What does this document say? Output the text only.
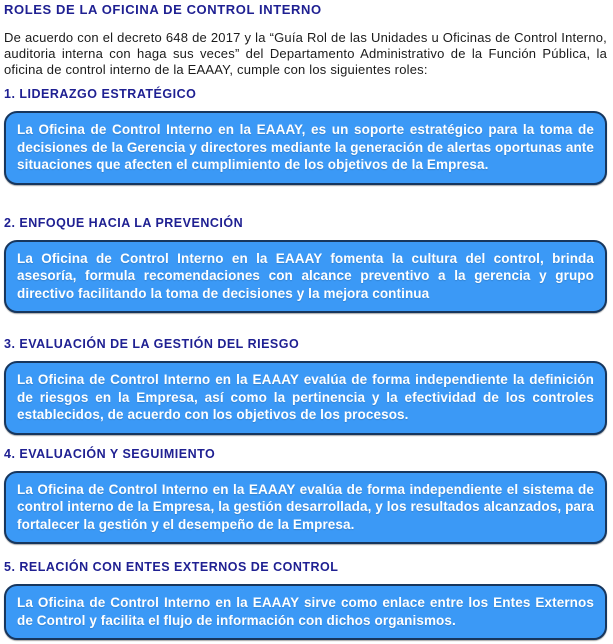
ROLES DE LA OFICINA DE CONTROL INTERNO

De acuerdo con el decreto 648 de 2017 y la “Guía Rol de las Unidades u Oficinas de Control Interno, auditoria interna con haga sus veces” del Departamento Administrativo de la Función Pública, la oficina de control interno de la EAAAY, cumple con los siguientes roles:

1. LIDERAZGO ESTRATÉGICO

La Oficina de Control Interno en la EAAAY, es un soporte estratégico para la toma de decisiones de la Gerencia y directores mediante la generación de alertas oportunas ante situaciones que afecten el cumplimiento de los objetivos de la Empresa.

2. ENFOQUE HACIA LA PREVENCIÓN

La Oficina de Control Interno en la EAAAY fomenta la cultura del control, brinda asesoría, formula recomendaciones con alcance preventivo a la gerencia y grupo directivo facilitando la toma de decisiones y la mejora continua

3. EVALUACIÓN DE LA GESTIÓN DEL RIESGO

La Oficina de Control Interno en la EAAAY evalúa de forma independiente la definición de riesgos en la Empresa, así como la pertinencia y la efectividad de los controles establecidos, de acuerdo con los objetivos de los procesos.

4. EVALUACIÓN Y SEGUIMIENTO

La Oficina de Control Interno en la EAAAY evalúa de forma independiente el sistema de control interno de la Empresa, la gestión desarrollada, y los resultados alcanzados, para fortalecer la gestión y el desempeño de la Empresa.

5. RELACIÓN CON ENTES EXTERNOS DE CONTROL

La Oficina de Control Interno en la EAAAY sirve como enlace entre los Entes Externos de Control y facilita el flujo de información con dichos organismos.
